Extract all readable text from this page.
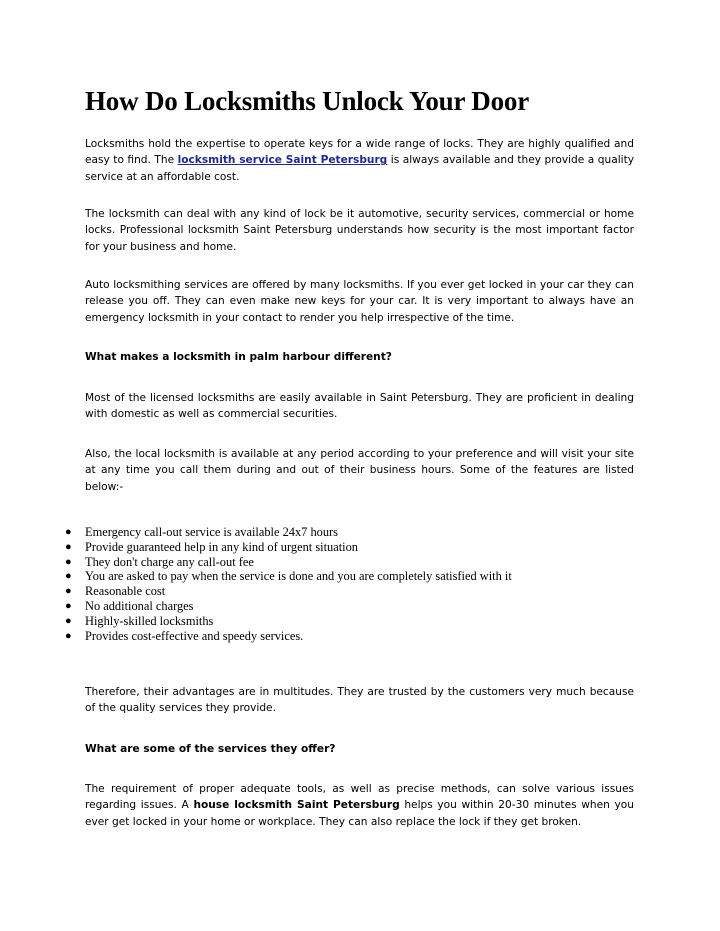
How Do Locksmiths Unlock Your Door

Locksmiths hold the expertise to operate keys for a wide range of locks. They are highly qualified and easy to find. The locksmith service Saint Petersburg is always available and they provide a quality service at an affordable cost.

The locksmith can deal with any kind of lock be it automotive, security services, commercial or home locks. Professional locksmith Saint Petersburg understands how security is the most important factor for your business and home.

Auto locksmithing services are offered by many locksmiths. If you ever get locked in your car they can release you off. They can even make new keys for your car. It is very important to always have an emergency locksmith in your contact to render you help irrespective of the time.

What makes a locksmith in palm harbour different?

Most of the licensed locksmiths are easily available in Saint Petersburg. They are proficient in dealing with domestic as well as commercial securities.

Also, the local locksmith is available at any period according to your preference and will visit your site at any time you call them during and out of their business hours. Some of the features are listed below:-

● Emergency call-out service is available 24x7 hours
● Provide guaranteed help in any kind of urgent situation
● They don't charge any call-out fee
● You are asked to pay when the service is done and you are completely satisfied with it
● Reasonable cost
● No additional charges
● Highly-skilled locksmiths
● Provides cost-effective and speedy services.

Therefore, their advantages are in multitudes. They are trusted by the customers very much because of the quality services they provide.

What are some of the services they offer?

The requirement of proper adequate tools, as well as precise methods, can solve various issues regarding issues. A house locksmith Saint Petersburg helps you within 20-30 minutes when you ever get locked in your home or workplace. They can also replace the lock if they get broken.
